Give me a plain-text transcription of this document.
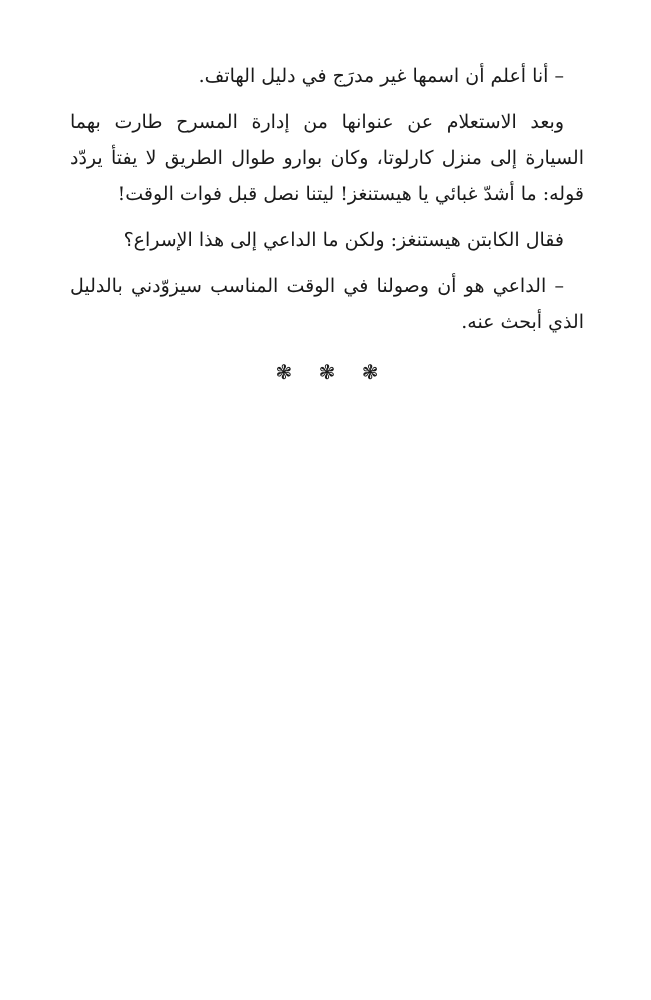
– أنا أعلم أن اسمها غير مدرَج في دليل الهاتف.

وبعد الاستعلام عن عنوانها من إدارة المسرح طارت بهما السيارة إلى منزل كارلوتا، وكان بوارو طوال الطريق لا يفتأ يردّد قوله: ما أشدّ غبائي يا هيستنغز! ليتنا نصل قبل فوات الوقت!

فقال الكابتن هيستنغز: ولكن ما الداعي إلى هذا الإسراع؟

– الداعي هو أن وصولنا في الوقت المناسب سيزوّدني بالدليل الذي أبحث عنه.

❃ ❃ ❃
